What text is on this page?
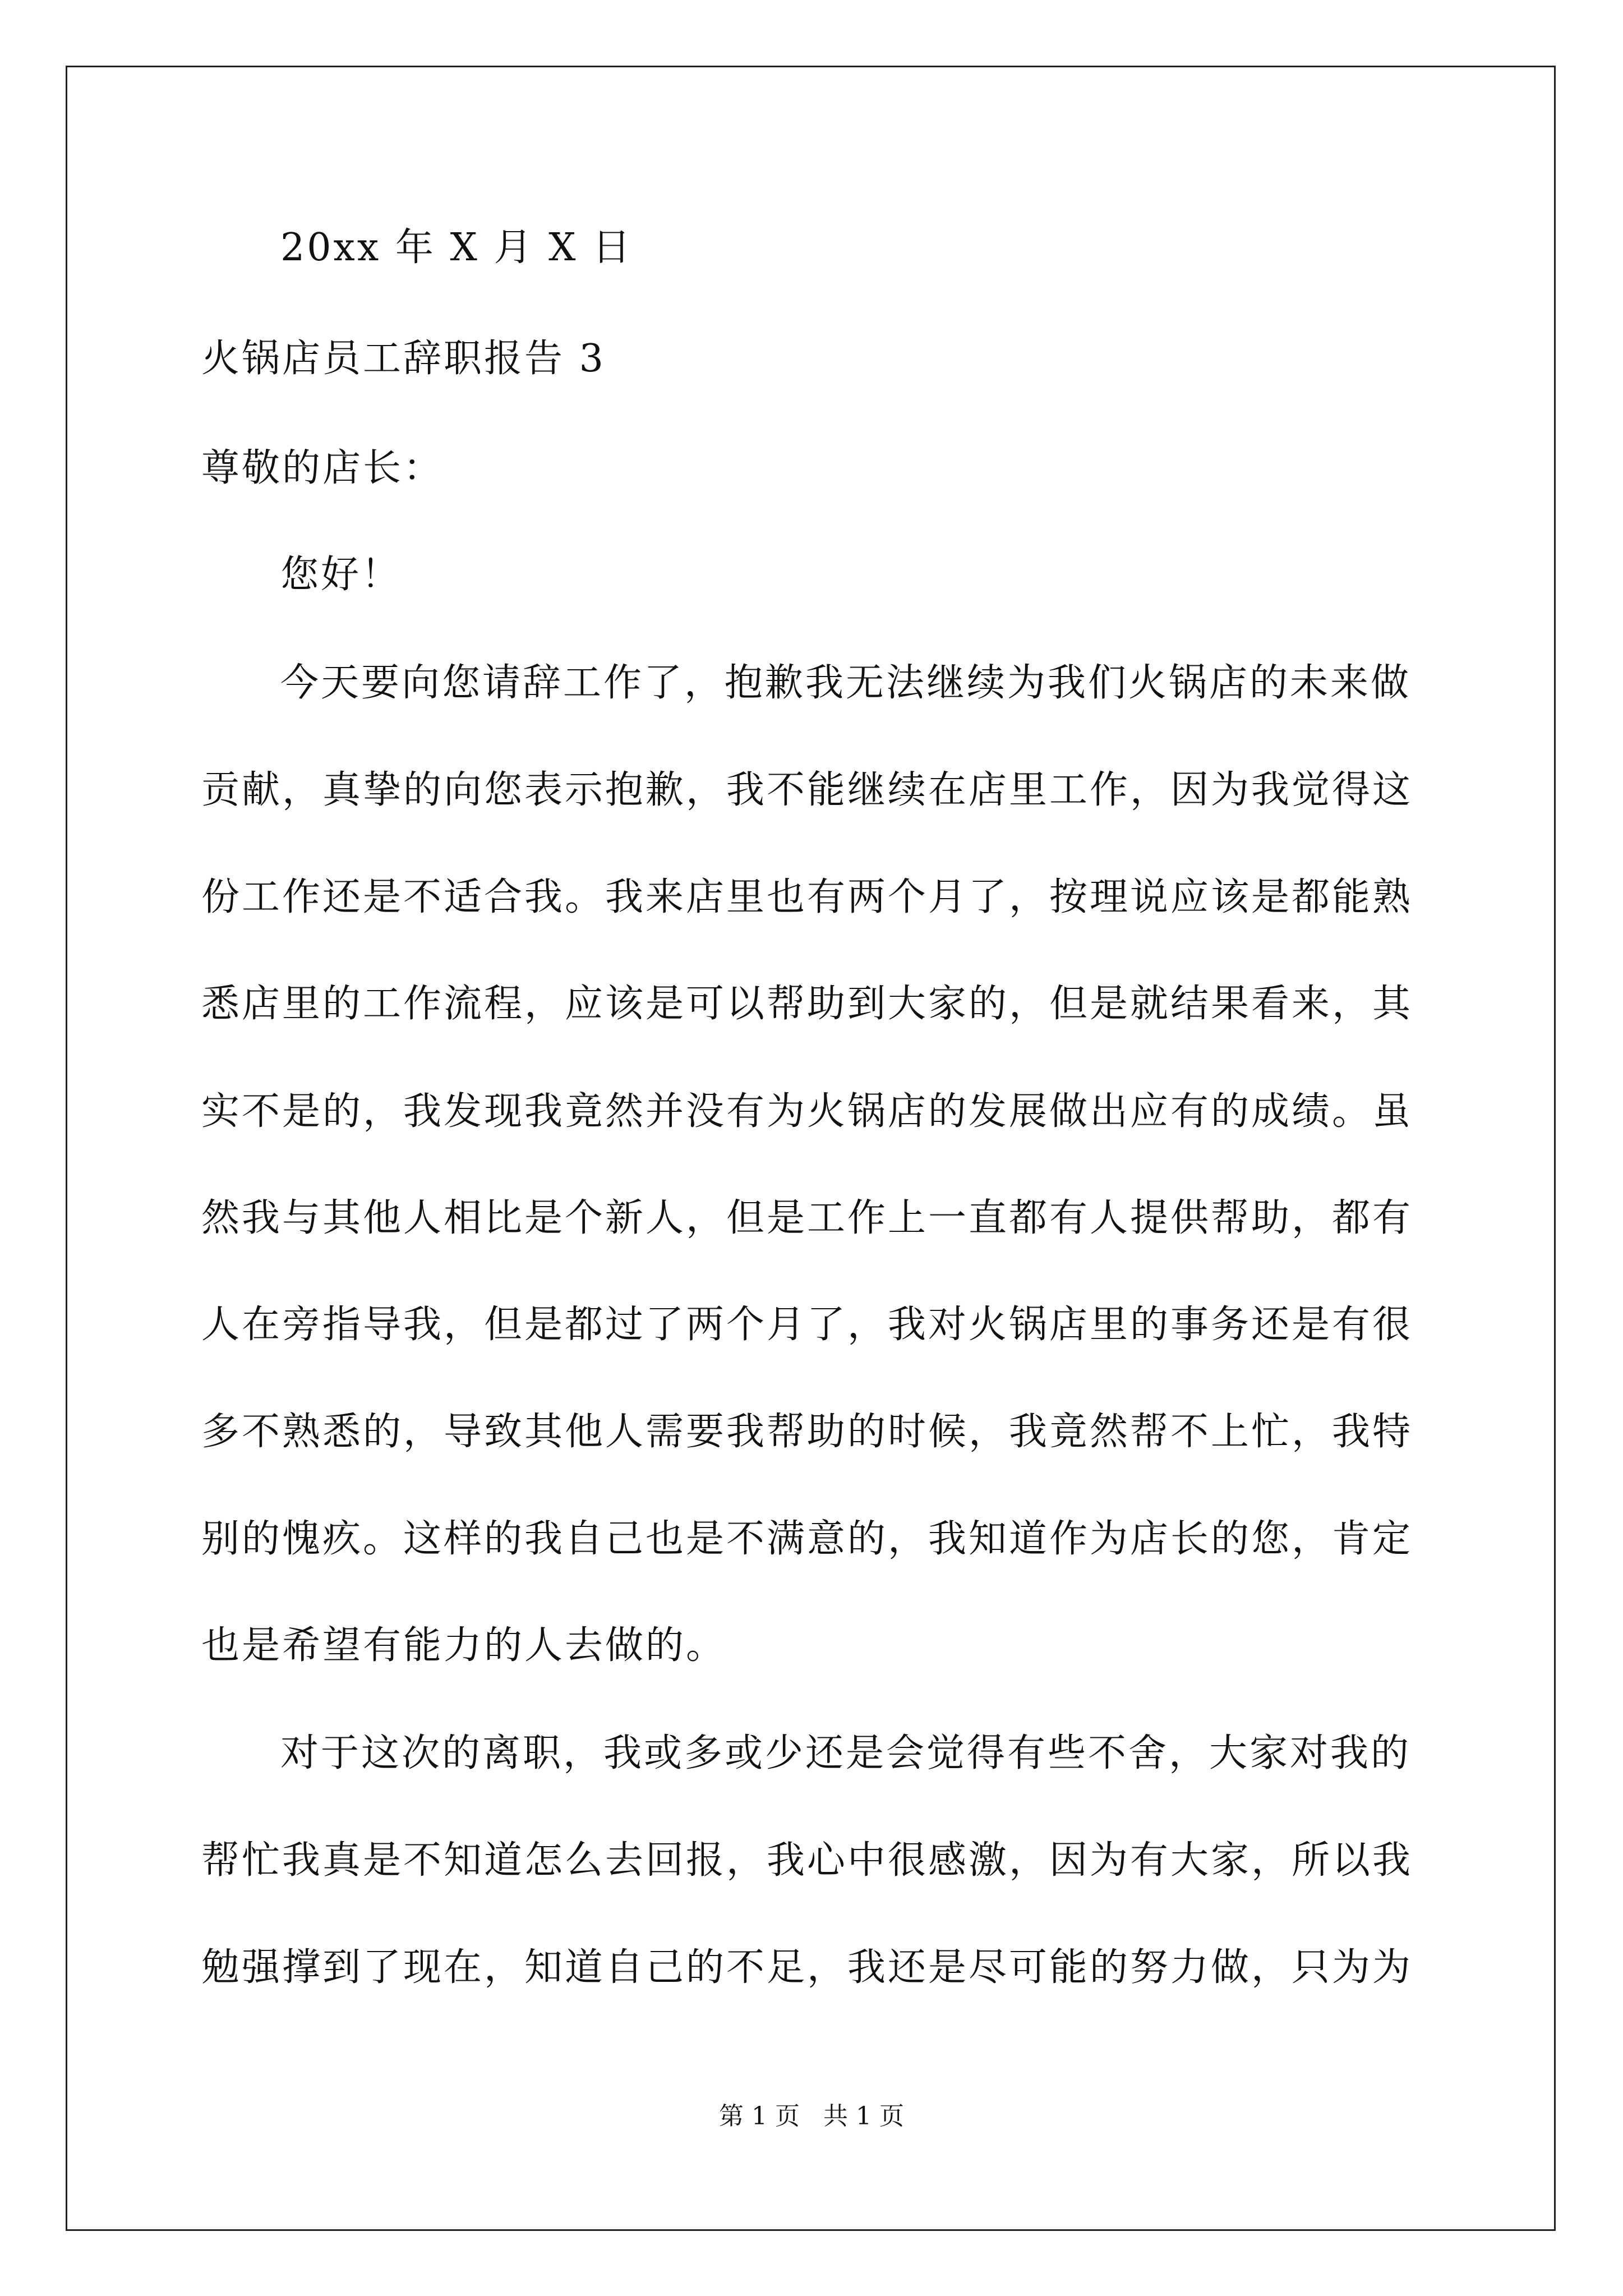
20xx 年 X 月 X 日
火锅店员工辞职报告 3
尊敬的店长：
您好！
今天要向您请辞工作了，抱歉我无法继续为我们火锅店的未来做
贡献，真挚的向您表示抱歉，我不能继续在店里工作，因为我觉得这
份工作还是不适合我。我来店里也有两个月了，按理说应该是都能熟
悉店里的工作流程，应该是可以帮助到大家的，但是就结果看来，其
实不是的，我发现我竟然并没有为火锅店的发展做出应有的成绩。虽
然我与其他人相比是个新人，但是工作上一直都有人提供帮助，都有
人在旁指导我，但是都过了两个月了，我对火锅店里的事务还是有很
多不熟悉的，导致其他人需要我帮助的时候，我竟然帮不上忙，我特
别的愧疚。这样的我自己也是不满意的，我知道作为店长的您，肯定
也是希望有能力的人去做的。
对于这次的离职，我或多或少还是会觉得有些不舍，大家对我的
帮忙我真是不知道怎么去回报，我心中很感激，因为有大家，所以我
勉强撑到了现在，知道自己的不足，我还是尽可能的努力做，只为为
第 1 页 共 1 页
